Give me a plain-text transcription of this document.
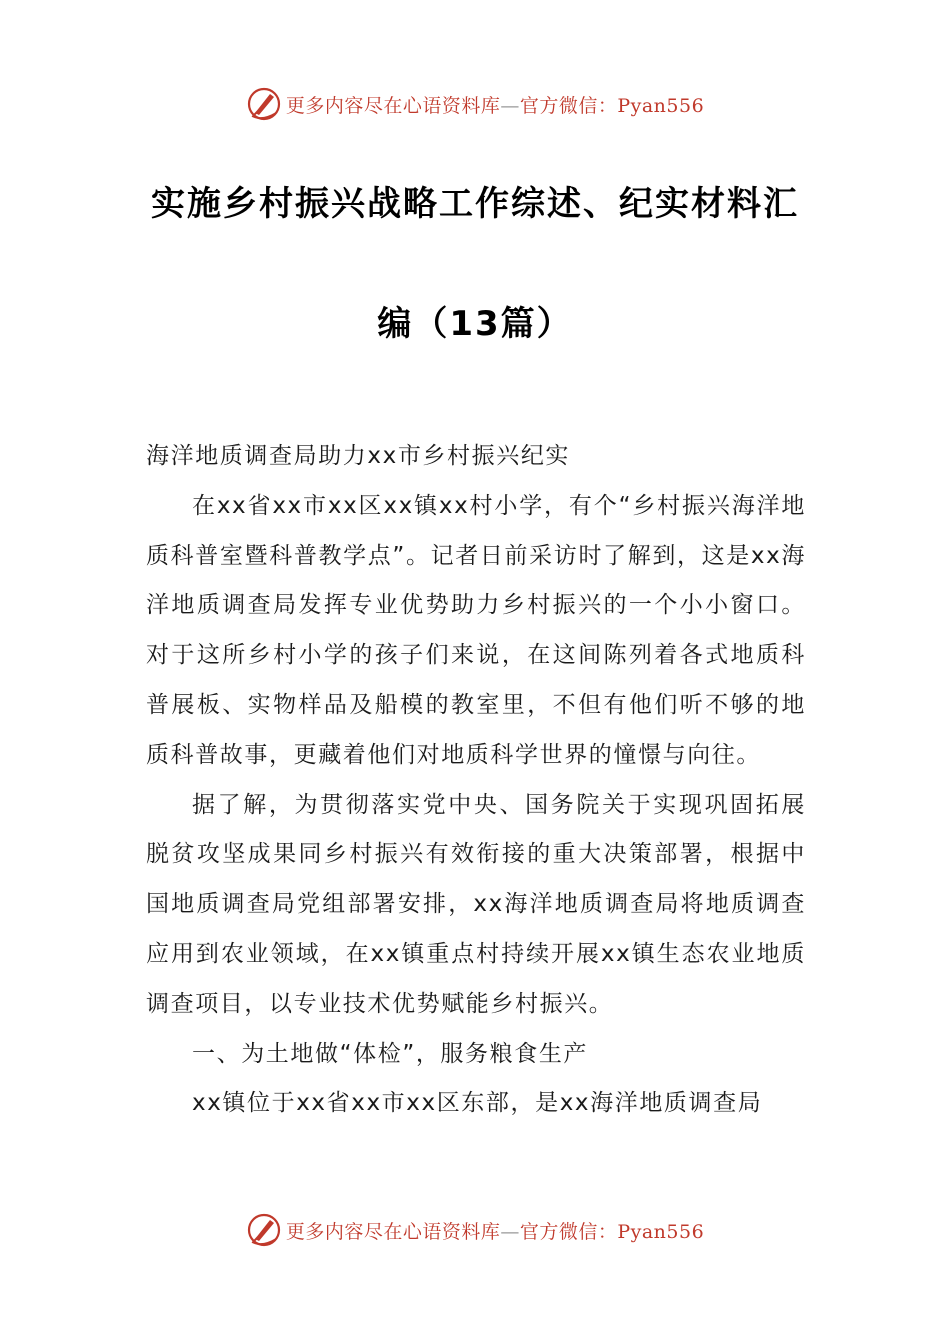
更多内容尽在心语资料库—官方微信：Pyan556
实施乡村振兴战略工作综述、纪实材料汇
编（13篇）

海洋地质调查局助力xx市乡村振兴纪实

在xx省xx市xx区xx镇xx村小学，有个“乡村振兴海洋地质科普室暨科普教学点”。记者日前采访时了解到，这是xx海洋地质调查局发挥专业优势助力乡村振兴的一个小小窗口。对于这所乡村小学的孩子们来说，在这间陈列着各式地质科普展板、实物样品及船模的教室里，不但有他们听不够的地质科普故事，更藏着他们对地质科学世界的憧憬与向往。

据了解，为贯彻落实党中央、国务院关于实现巩固拓展脱贫攻坚成果同乡村振兴有效衔接的重大决策部署，根据中国地质调查局党组部署安排，xx海洋地质调查局将地质调查应用到农业领域，在xx镇重点村持续开展xx镇生态农业地质调查项目，以专业技术优势赋能乡村振兴。

一、为土地做“体检”，服务粮食生产

xx镇位于xx省xx市xx区东部，是xx海洋地质调查局

更多内容尽在心语资料库—官方微信：Pyan556
